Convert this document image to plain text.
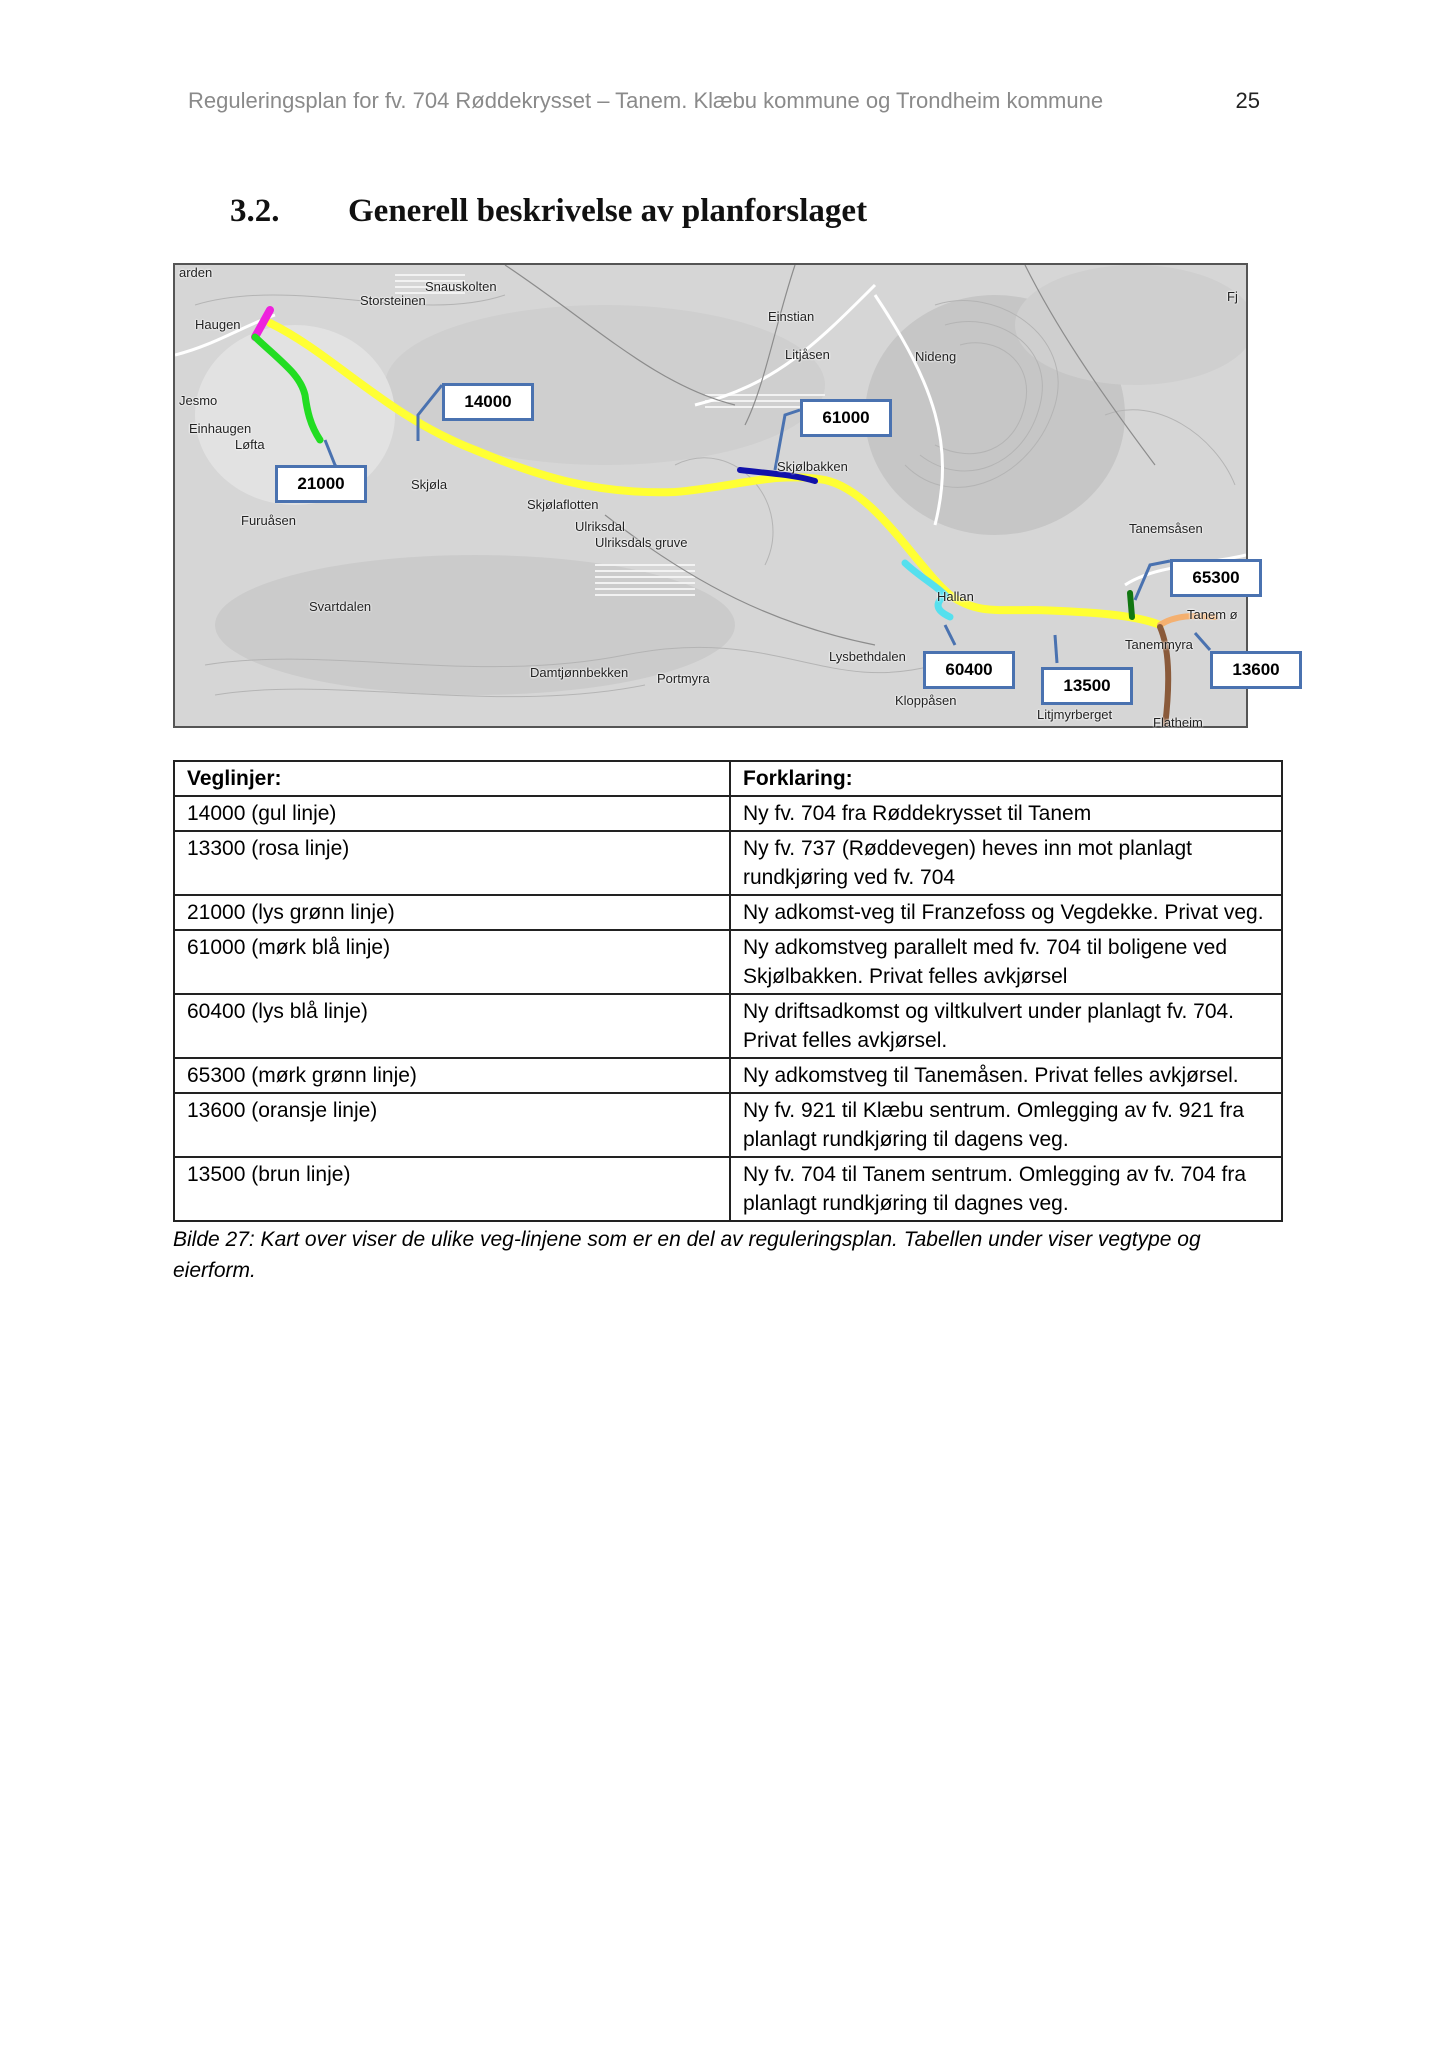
Reguleringsplan for fv. 704 Røddekrysset – Tanem. Klæbu kommune og Trondheim kommune	25
3.2. Generell beskrivelse av planforslaget
arden
Snauskolten
Storsteinen
Haugen
Jesmo
Einhaugen
Løfta
Skjøla
Furuåsen
Skjølaflotten
Ulriksdal
Ulriksdals gruve
Svartdalen
Damtjønnbekken Portmyra
Einstian
Litjåsen	Nideng
Skjølbakken
Hallan
Lysbethdalen
Kloppåsen
Tanemsåsen
Tanem ø
Tanemmyra
Litjmyrberget
Flatheim
Fj
14000
61000
21000
65300
60400
13500
13600
Veglinjer:	Forklaring:
14000 (gul linje)	Ny fv. 704 fra Røddekrysset til Tanem
13300 (rosa linje)	Ny fv. 737 (Røddevegen) heves inn mot planlagt rundkjøring ved fv. 704
21000 (lys grønn linje)	Ny adkomst-veg til Franzefoss og Vegdekke. Privat veg.
61000 (mørk blå linje)	Ny adkomstveg parallelt med fv. 704 til boligene ved Skjølbakken. Privat felles avkjørsel
60400 (lys blå linje)	Ny driftsadkomst og viltkulvert under planlagt fv. 704. Privat felles avkjørsel.
65300 (mørk grønn linje)	Ny adkomstveg til Tanemåsen. Privat felles avkjørsel.
13600 (oransje linje)	Ny fv. 921 til Klæbu sentrum. Omlegging av fv. 921 fra planlagt rundkjøring til dagens veg.
13500 (brun linje)	Ny fv. 704 til Tanem sentrum. Omlegging av fv. 704 fra planlagt rundkjøring til dagnes veg.
Bilde 27: Kart over viser de ulike veg-linjene som er en del av reguleringsplan. Tabellen under viser vegtype og eierform.
